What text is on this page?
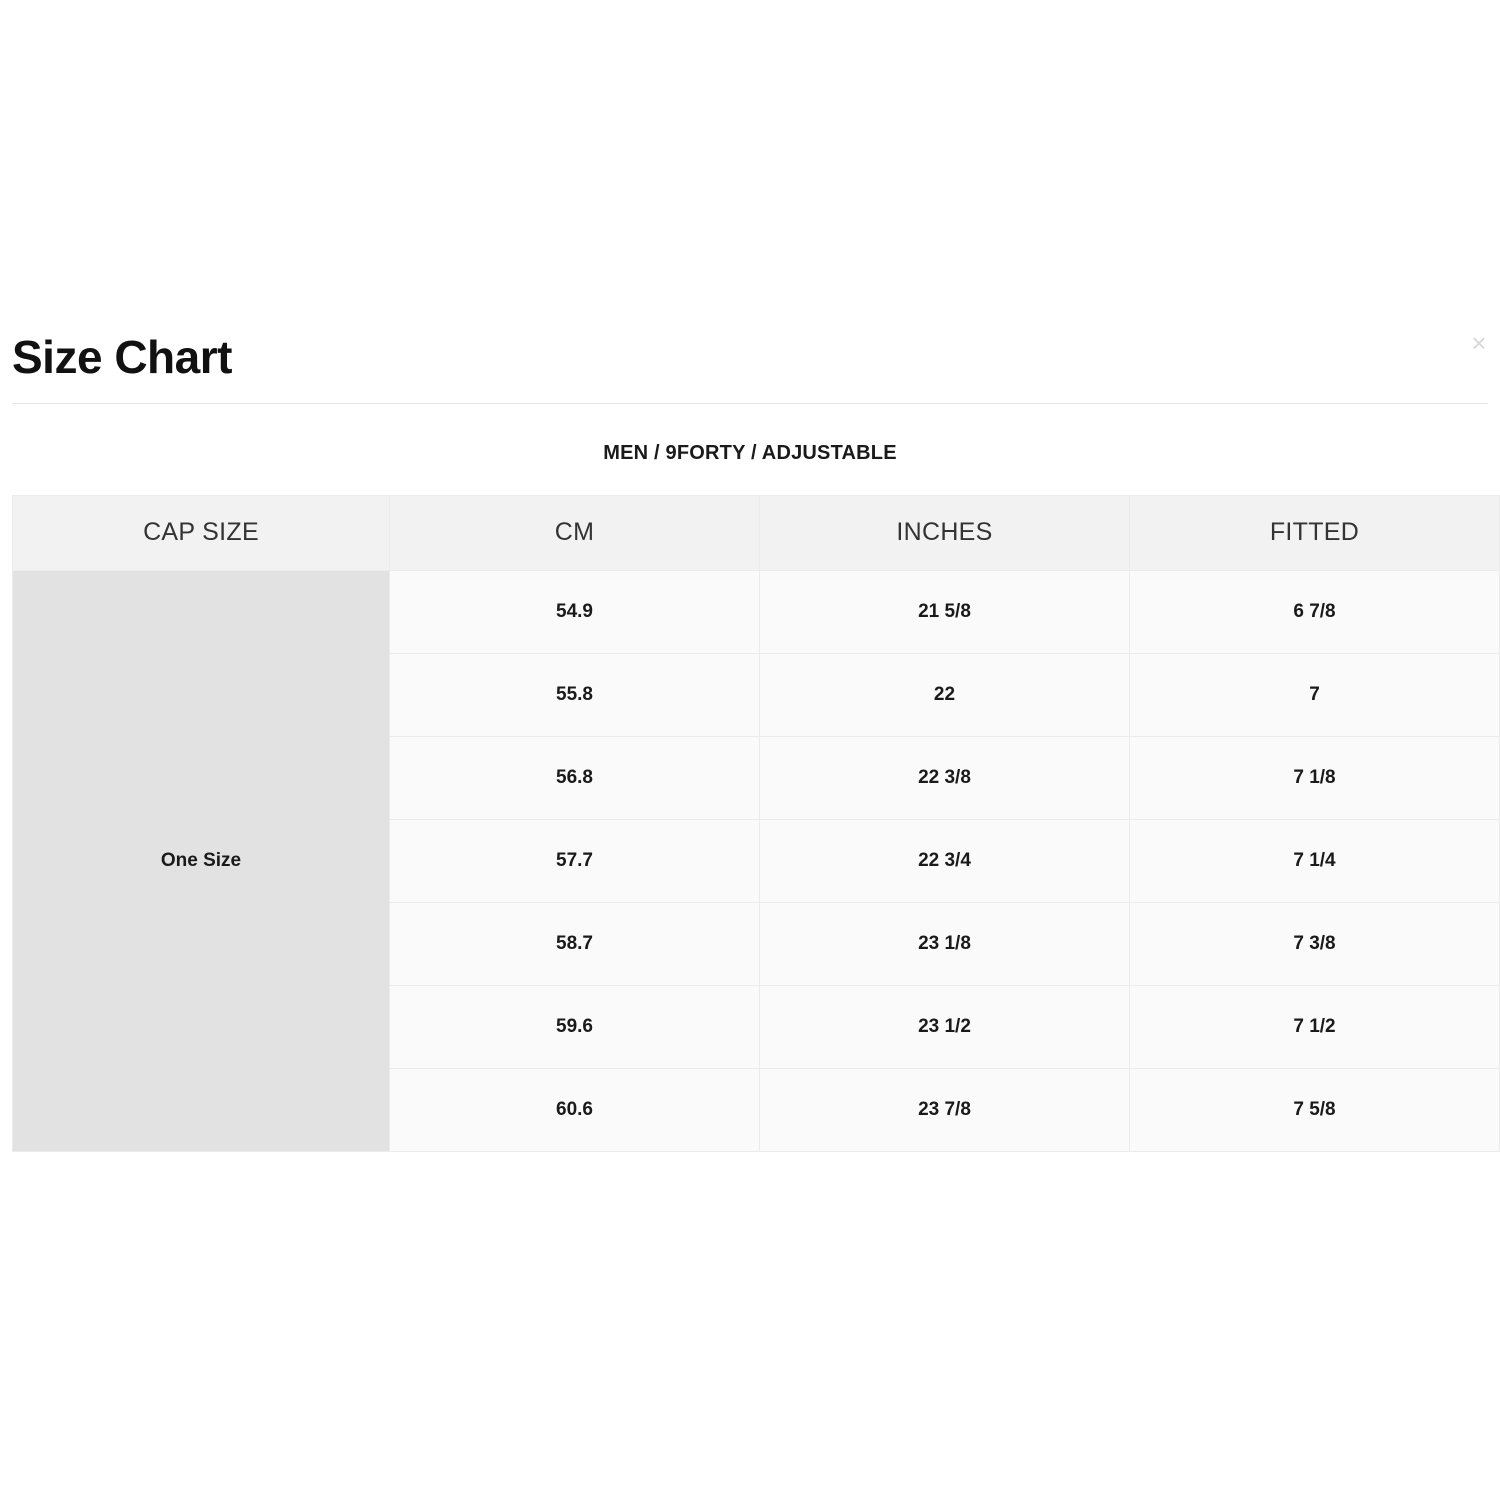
Size Chart	×
MEN / 9FORTY / ADJUSTABLE
CAP SIZE	CM	INCHES	FITTED
One Size	54.9	21 5/8	6 7/8
	55.8	22	7
	56.8	22 3/8	7 1/8
	57.7	22 3/4	7 1/4
	58.7	23 1/8	7 3/8
	59.6	23 1/2	7 1/2
	60.6	23 7/8	7 5/8
